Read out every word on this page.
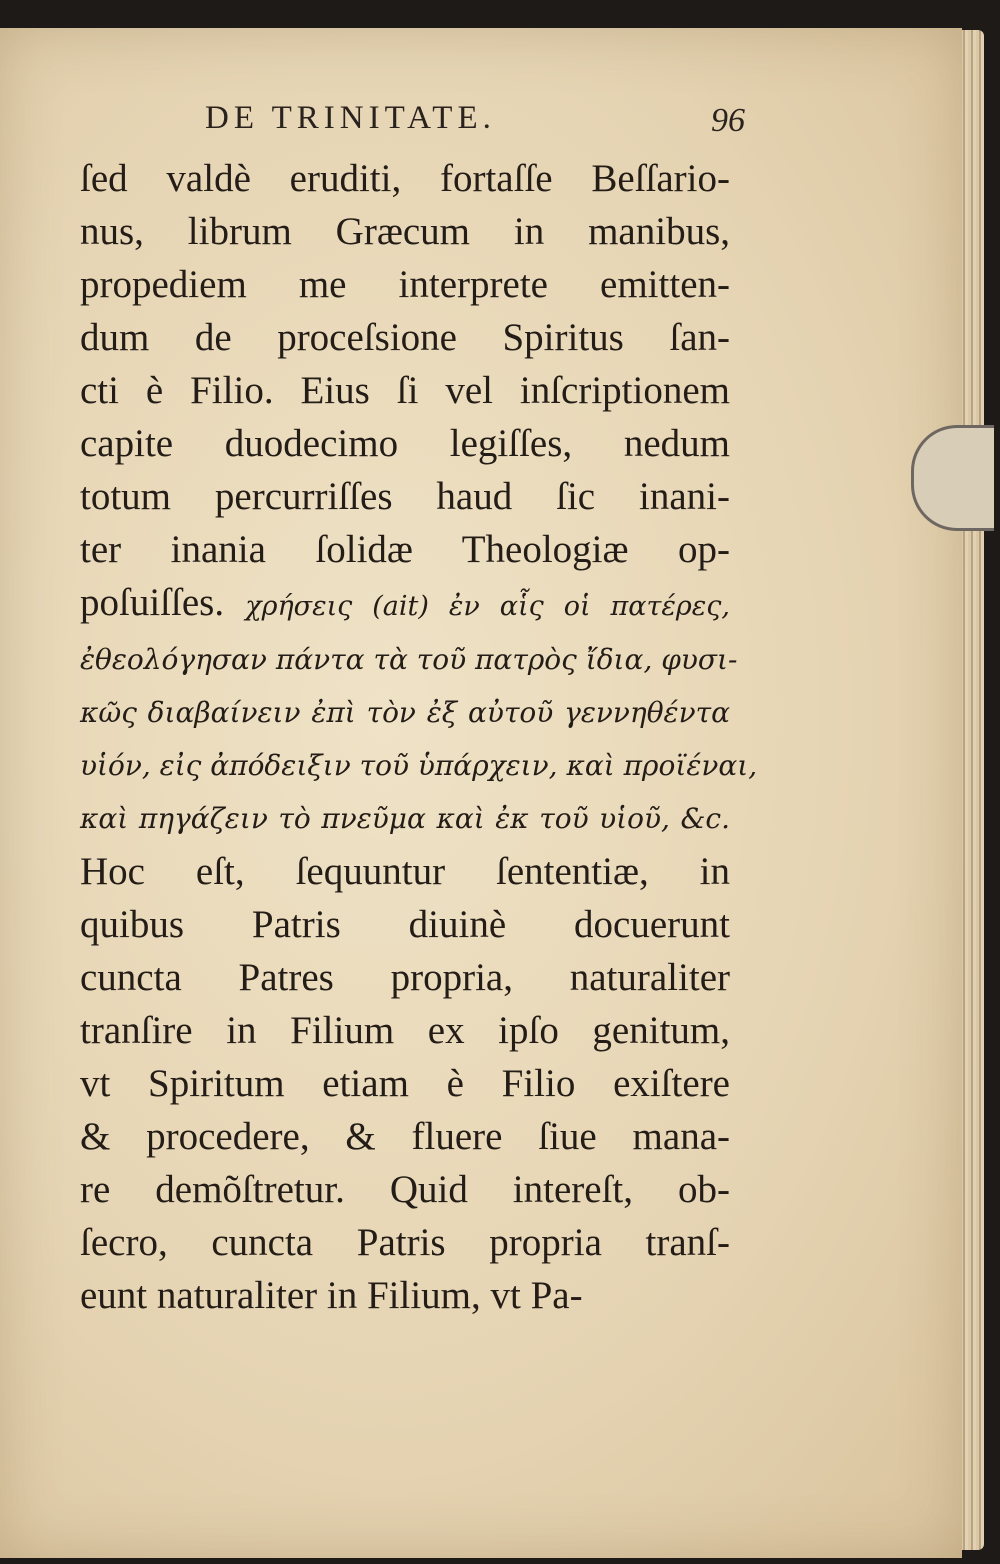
DE TRINITATE.	96
ſed valdè eruditi, fortaſſe Beſſario-
nus, librum Græcum in manibus,
propediem me interprete emitten-
dum de proceſsione Spiritus ſan-
cti è Filio. Eius ſi vel inſcriptionem
capite duodecimo legiſſes, nedum
totum percurriſſes haud ſic inani-
ter inania ſolidæ Theologiæ op-
poſuiſſes. χρήσεις (ait) ἐν αἷς οἱ πατέρες,
ἐθεολόγησαν πάντα τὰ τοῦ πατρὸς ἴδια, φυσι-
κῶς διαβαίνειν ἐπὶ τὸν ἐξ αὐτοῦ γεννηθέντα
υἱόν, εἰς ἀπόδειξιν τοῦ ὑπάρχειν, καὶ προϊέναι,
καὶ πηγάζειν τὸ πνεῦμα καὶ ἐκ τοῦ υἱοῦ, &c.
Hoc eſt, ſequuntur ſententiæ, in
quibus Patris diuinè docuerunt
cuncta Patres propria, naturaliter
tranſire in Filium ex ipſo genitum,
vt Spiritum etiam è Filio exiſtere
& procedere, & fluere ſiue mana-
re demõſtretur. Quid intereſt, ob-
ſecro, cuncta Patris propria tranſ-
eunt naturaliter in Filium, vt Pa-
